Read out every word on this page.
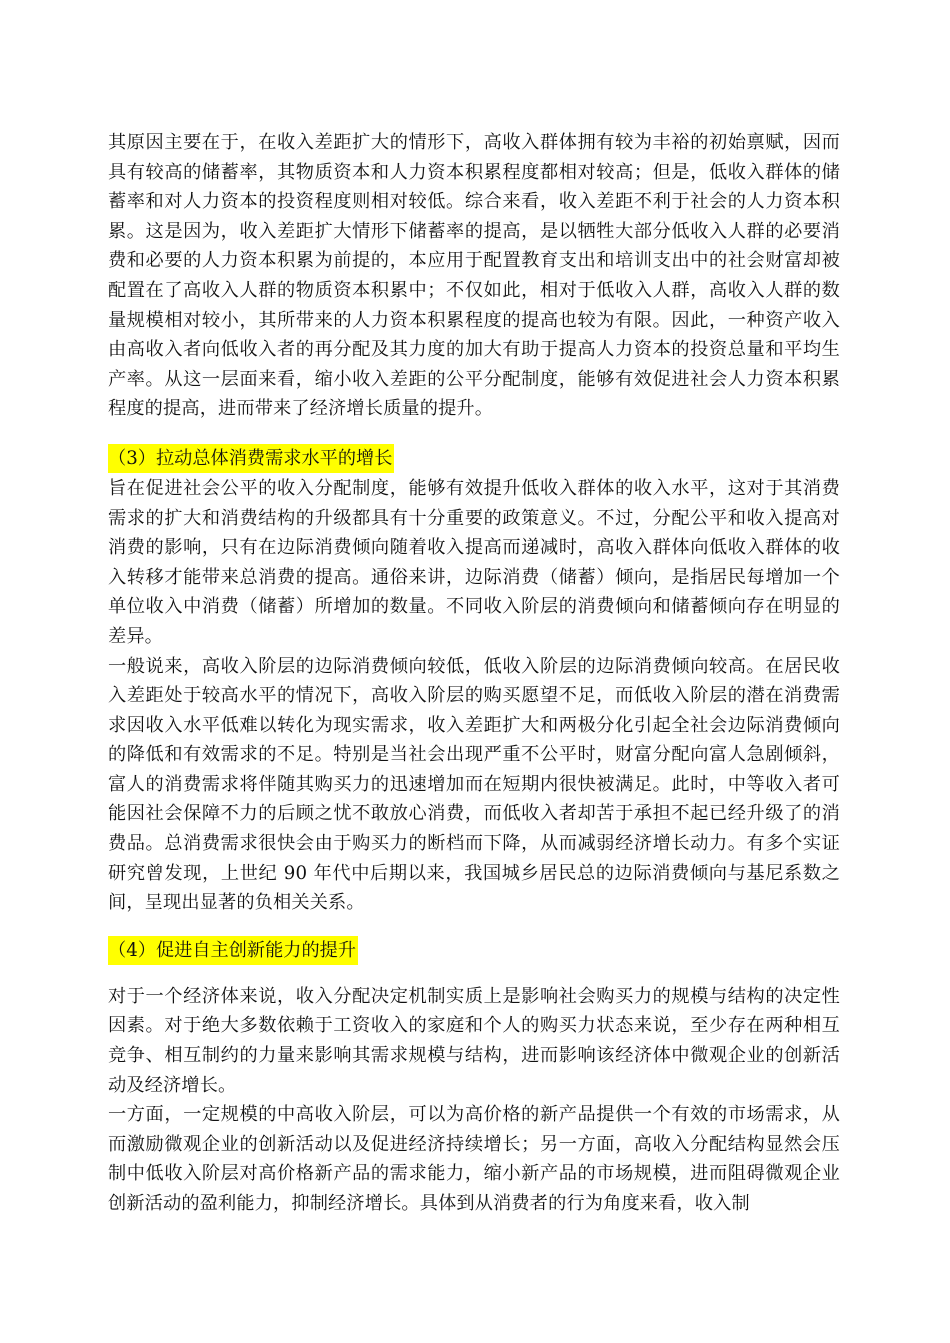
其原因主要在于，在收入差距扩大的情形下，高收入群体拥有较为丰裕的初始禀赋，因而具有较高的储蓄率，其物质资本和人力资本积累程度都相对较高；但是，低收入群体的储蓄率和对人力资本的投资程度则相对较低。综合来看，收入差距不利于社会的人力资本积累。这是因为，收入差距扩大情形下储蓄率的提高，是以牺牲大部分低收入人群的必要消费和必要的人力资本积累为前提的，本应用于配置教育支出和培训支出中的社会财富却被配置在了高收入人群的物质资本积累中；不仅如此，相对于低收入人群，高收入人群的数量规模相对较小，其所带来的人力资本积累程度的提高也较为有限。因此，一种资产收入由高收入者向低收入者的再分配及其力度的加大有助于提高人力资本的投资总量和平均生产率。从这一层面来看，缩小收入差距的公平分配制度，能够有效促进社会人力资本积累程度的提高，进而带来了经济增长质量的提升。

（3）拉动总体消费需求水平的增长

旨在促进社会公平的收入分配制度，能够有效提升低收入群体的收入水平，这对于其消费需求的扩大和消费结构的升级都具有十分重要的政策意义。不过，分配公平和收入提高对消费的影响，只有在边际消费倾向随着收入提高而递减时，高收入群体向低收入群体的收入转移才能带来总消费的提高。通俗来讲，边际消费（储蓄）倾向，是指居民每增加一个单位收入中消费（储蓄）所增加的数量。不同收入阶层的消费倾向和储蓄倾向存在明显的差异。

一般说来，高收入阶层的边际消费倾向较低，低收入阶层的边际消费倾向较高。在居民收入差距处于较高水平的情况下，高收入阶层的购买愿望不足，而低收入阶层的潜在消费需求因收入水平低难以转化为现实需求，收入差距扩大和两极分化引起全社会边际消费倾向的降低和有效需求的不足。特别是当社会出现严重不公平时，财富分配向富人急剧倾斜，富人的消费需求将伴随其购买力的迅速增加而在短期内很快被满足。此时，中等收入者可能因社会保障不力的后顾之忧不敢放心消费，而低收入者却苦于承担不起已经升级了的消费品。总消费需求很快会由于购买力的断档而下降，从而减弱经济增长动力。有多个实证研究曾发现，上世纪 90 年代中后期以来，我国城乡居民总的边际消费倾向与基尼系数之间，呈现出显著的负相关关系。

（4）促进自主创新能力的提升

对于一个经济体来说，收入分配决定机制实质上是影响社会购买力的规模与结构的决定性因素。对于绝大多数依赖于工资收入的家庭和个人的购买力状态来说，至少存在两种相互竞争、相互制约的力量来影响其需求规模与结构，进而影响该经济体中微观企业的创新活动及经济增长。

一方面，一定规模的中高收入阶层，可以为高价格的新产品提供一个有效的市场需求，从而激励微观企业的创新活动以及促进经济持续增长；另一方面，高收入分配结构显然会压制中低收入阶层对高价格新产品的需求能力，缩小新产品的市场规模，进而阻碍微观企业创新活动的盈利能力，抑制经济增长。具体到从消费者的行为角度来看，收入制
